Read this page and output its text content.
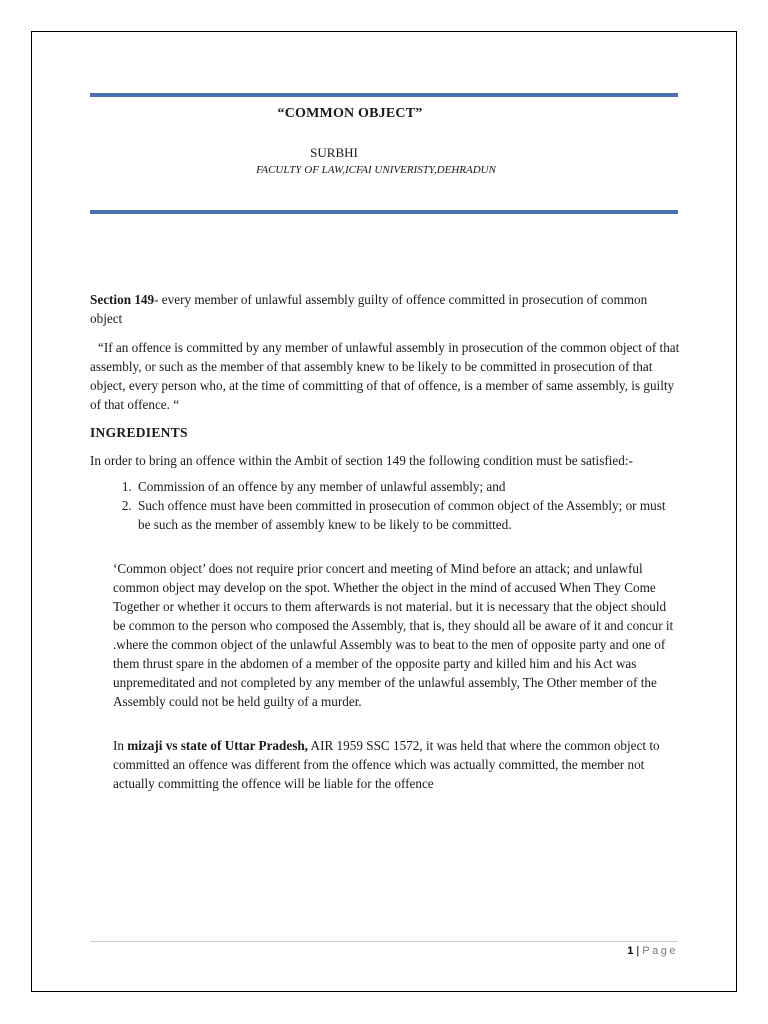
“COMMON OBJECT”
SURBHI
FACULTY OF LAW,ICFAI UNIVERISTY,DEHRADUN

Section 149- every member of unlawful assembly guilty of offence committed in prosecution of common object

“If an offence is committed by any member of unlawful assembly in prosecution of the common object of that assembly, or such as the member of that assembly knew to be likely to be committed in prosecution of that object, every person who, at the time of committing of that of offence, is a member of same assembly, is guilty of that offence. “

INGREDIENTS

In order to bring an offence within the Ambit of section 149 the following condition must be satisfied:-

1. Commission of an offence by any member of unlawful assembly; and
2. Such offence must have been committed in prosecution of common object of the Assembly; or must be such as the member of assembly knew to be likely to be committed.

‘Common object’ does not require prior concert and meeting of Mind before an attack; and unlawful common object may develop on the spot. Whether the object in the mind of accused When They Come Together or whether it occurs to them afterwards is not material. but it is necessary that the object should be common to the person who composed the Assembly, that is, they should all be aware of it and concur it .where the common object of the unlawful Assembly was to beat to the men of opposite party and one of them thrust spare in the abdomen of a member of the opposite party and killed him and his Act was unpremeditated and not completed by any member of the unlawful assembly, The Other member of the Assembly could not be held guilty of a murder.

In mizaji vs state of Uttar Pradesh, AIR 1959 SSC 1572, it was held that where the common object to committed an offence was different from the offence which was actually committed, the member not actually committing the offence will be liable for the offence

1 | Page
